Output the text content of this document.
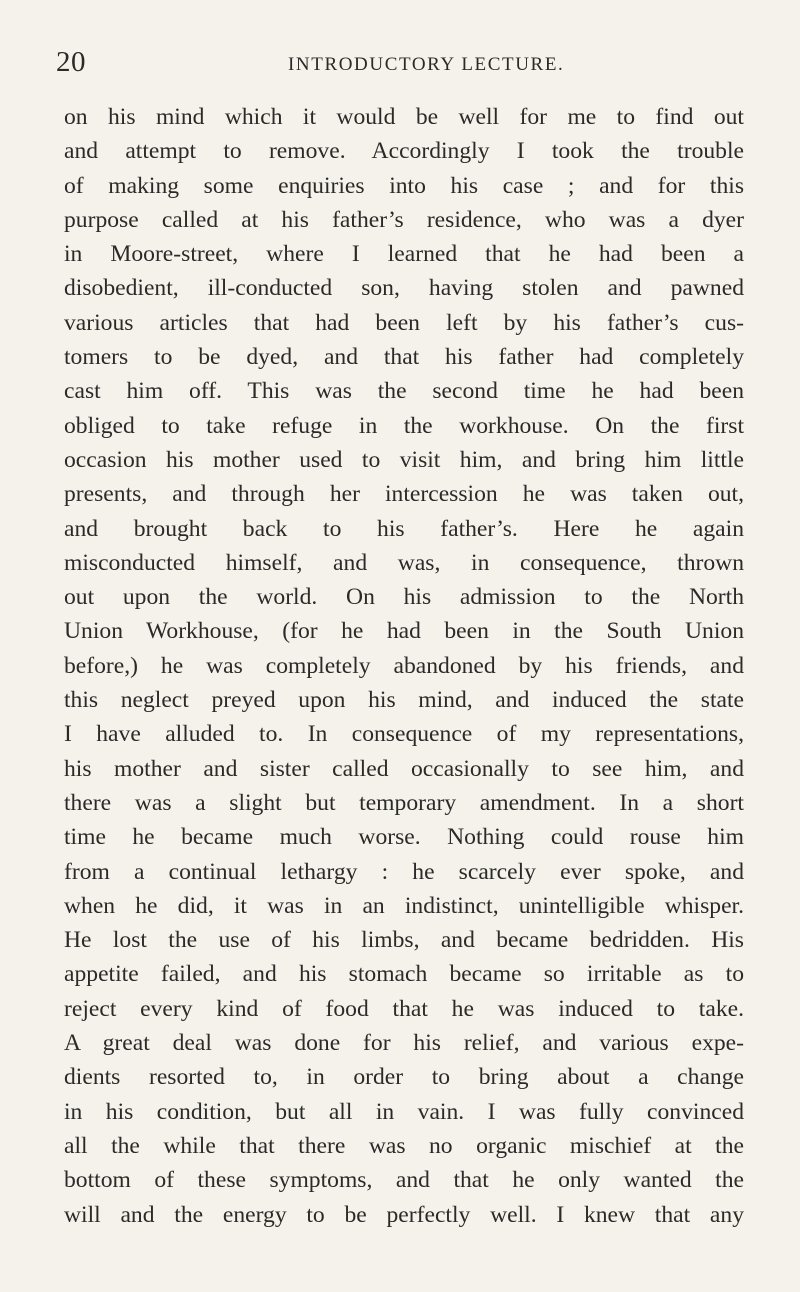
20	INTRODUCTORY LECTURE.
on his mind which it would be well for me to find out
and attempt to remove. Accordingly I took the trouble
of making some enquiries into his case ; and for this
purpose called at his father’s residence, who was a dyer
in Moore-street, where I learned that he had been a
disobedient, ill-conducted son, having stolen and pawned
various articles that had been left by his father’s cus-
tomers to be dyed, and that his father had completely
cast him off. This was the second time he had been
obliged to take refuge in the workhouse. On the first
occasion his mother used to visit him, and bring him little
presents, and through her intercession he was taken out,
and brought back to his father’s. Here he again
misconducted himself, and was, in consequence, thrown
out upon the world. On his admission to the North
Union Workhouse, (for he had been in the South Union
before,) he was completely abandoned by his friends, and
this neglect preyed upon his mind, and induced the state
I have alluded to. In consequence of my representations,
his mother and sister called occasionally to see him, and
there was a slight but temporary amendment. In a short
time he became much worse. Nothing could rouse him
from a continual lethargy : he scarcely ever spoke, and
when he did, it was in an indistinct, unintelligible whisper.
He lost the use of his limbs, and became bedridden. His
appetite failed, and his stomach became so irritable as to
reject every kind of food that he was induced to take.
A great deal was done for his relief, and various expe-
dients resorted to, in order to bring about a change
in his condition, but all in vain. I was fully convinced
all the while that there was no organic mischief at the
bottom of these symptoms, and that he only wanted the
will and the energy to be perfectly well. I knew that any
